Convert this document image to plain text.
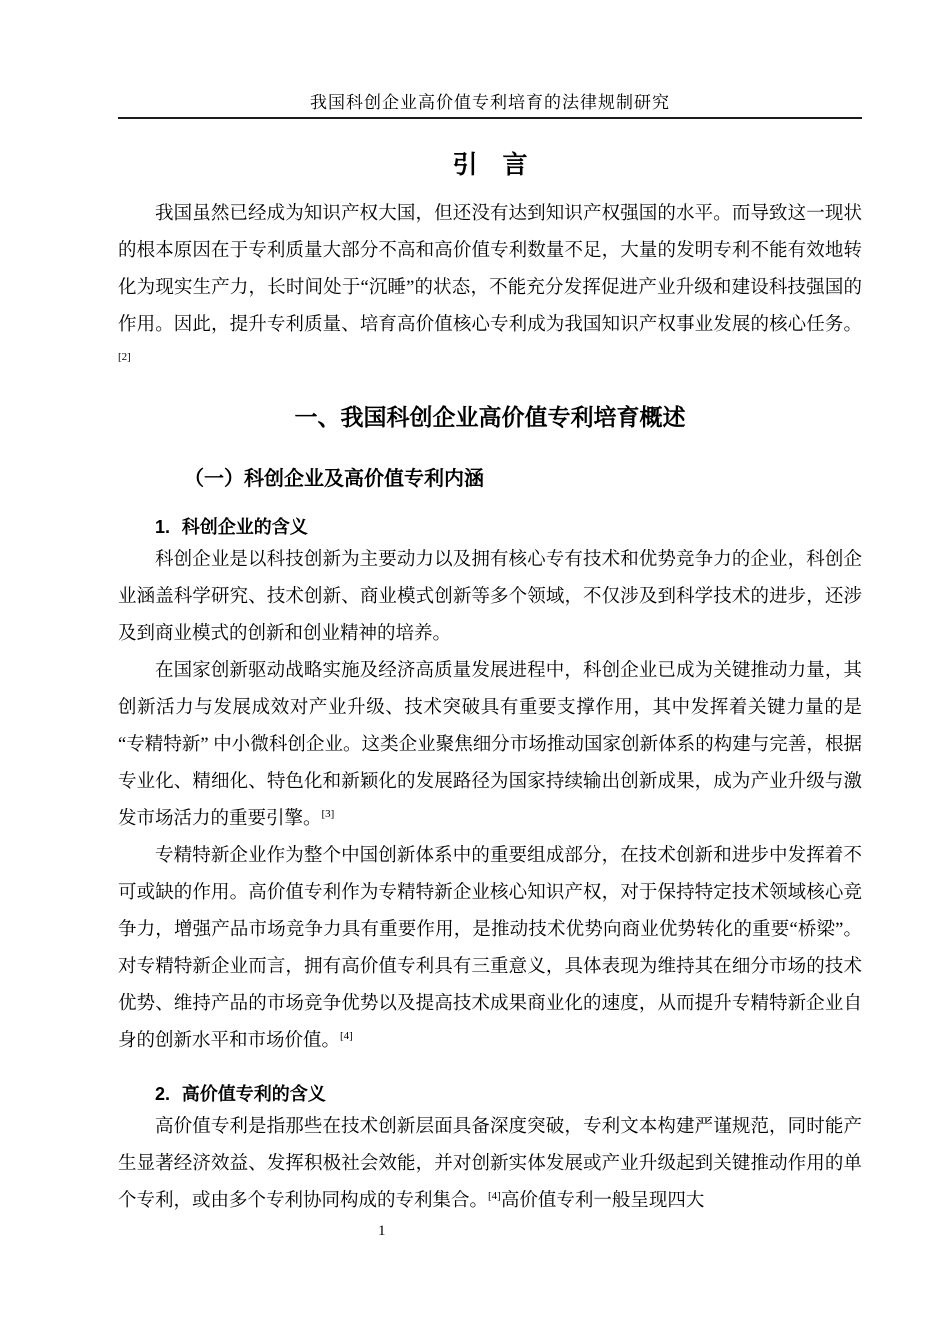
我国科创企业高价值专利培育的法律规制研究
引　言

我国虽然已经成为知识产权大国，但还没有达到知识产权强国的水平。而导致这一现状的根本原因在于专利质量大部分不高和高价值专利数量不足，大量的发明专利不能有效地转化为现实生产力，长时间处于“沉睡”的状态，不能充分发挥促进产业升级和建设科技强国的作用。因此，提升专利质量、培育高价值核心专利成为我国知识产权事业发展的核心任务。[2]

一、我国科创企业高价值专利培育概述
（一）科创企业及高价值专利内涵
1. 科创企业的含义

科创企业是以科技创新为主要动力以及拥有核心专有技术和优势竞争力的企业，科创企业涵盖科学研究、技术创新、商业模式创新等多个领域，不仅涉及到科学技术的进步，还涉及到商业模式的创新和创业精神的培养。

在国家创新驱动战略实施及经济高质量发展进程中，科创企业已成为关键推动力量，其创新活力与发展成效对产业升级、技术突破具有重要支撑作用，其中发挥着关键力量的是 “专精特新” 中小微科创企业。这类企业聚焦细分市场推动国家创新体系的构建与完善，根据专业化、精细化、特色化和新颖化的发展路径为国家持续输出创新成果，成为产业升级与激发市场活力的重要引擎。[3]

专精特新企业作为整个中国创新体系中的重要组成部分，在技术创新和进步中发挥着不可或缺的作用。高价值专利作为专精特新企业核心知识产权，对于保持特定技术领域核心竞争力，增强产品市场竞争力具有重要作用，是推动技术优势向商业优势转化的重要“桥梁”。对专精特新企业而言，拥有高价值专利具有三重意义，具体表现为维持其在细分市场的技术优势、维持产品的市场竞争优势以及提高技术成果商业化的速度，从而提升专精特新企业自身的创新水平和市场价值。[4]

2. 高价值专利的含义

高价值专利是指那些在技术创新层面具备深度突破，专利文本构建严谨规范，同时能产生显著经济效益、发挥积极社会效能，并对创新实体发展或产业升级起到关键推动作用的单个专利，或由多个专利协同构成的专利集合。[4]高价值专利一般呈现四大

1
